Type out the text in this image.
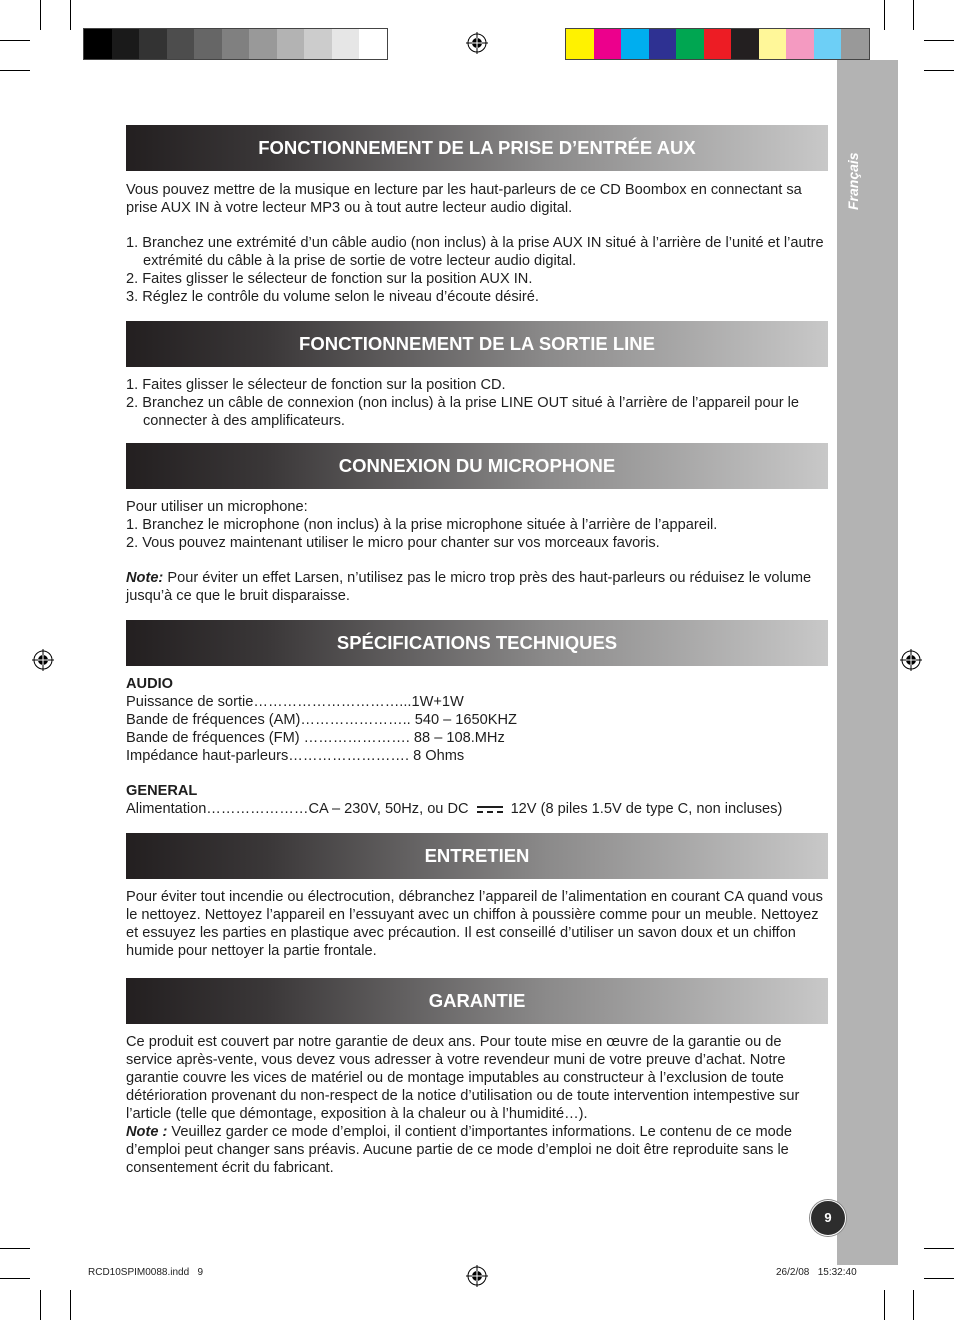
Français
9
FONCTIONNEMENT DE LA PRISE D’ENTRÉE AUX

Vous pouvez mettre de la musique en lecture par les haut-parleurs de ce CD Boombox en connectant sa prise AUX IN à votre lecteur MP3 ou à tout autre lecteur audio digital.

1. Branchez une extrémité d’un câble audio (non inclus) à la prise AUX IN situé à l’arrière de l’unité et l’autre extrémité du câble à la prise de sortie de votre lecteur audio digital.

2. Faites glisser le sélecteur de fonction sur la position AUX IN.

3. Réglez le contrôle du volume selon le niveau d’écoute désiré.

FONCTIONNEMENT DE LA SORTIE LINE

1. Faites glisser le sélecteur de fonction sur la position CD.

2. Branchez un câble de connexion (non inclus) à la prise LINE OUT situé à l’arrière de l’appareil pour le connecter à des amplificateurs.

CONNEXION DU MICROPHONE

Pour utiliser un microphone:

1. Branchez le microphone (non inclus) à la prise microphone située à l’arrière de l’appareil.

2. Vous pouvez maintenant utiliser le micro pour chanter sur vos morceaux favoris.

Note: Pour éviter un effet Larsen, n’utilisez pas le micro trop près des haut-parleurs ou réduisez le volume jusqu’à ce que le bruit disparaisse.

SPÉCIFICATIONS TECHNIQUES

AUDIO

Puissance de sortie…………………………...1W+1W

Bande de fréquences (AM)………………….. 540 – 1650KHZ

Bande de fréquences (FM) …………………. 88 – 108.MHz

Impédance haut-parleurs……………………. 8 Ohms

GENERAL

Alimentation…………………CA – 230V, 50Hz, ou DC	12V (8 piles 1.5V de type C, non incluses)

ENTRETIEN

Pour éviter tout incendie ou électrocution, débranchez l’appareil de l’alimentation en courant CA quand vous le nettoyez. Nettoyez l’appareil en l’essuyant avec un chiffon à poussière comme pour un meuble. Nettoyez et essuyez les parties en plastique avec précaution. Il est conseillé d’utiliser un savon doux et un chiffon humide pour nettoyer la partie frontale.

GARANTIE

Ce produit est couvert par notre garantie de deux ans. Pour toute mise en œuvre de la garantie ou de service après-vente, vous devez vous adresser à votre revendeur muni de votre preuve d’achat. Notre garantie couvre les vices de matériel ou de montage imputables au constructeur à l’exclusion de toute détérioration provenant du non-respect de la notice d’utilisation ou de toute intervention intempestive sur l’article (telle que démontage, exposition à la chaleur ou à l’humidité…).

Note : Veuillez garder ce mode d’emploi, il contient d’importantes informations. Le contenu de ce mode d’emploi peut changer sans préavis. Aucune partie de ce mode d’emploi ne doit être reproduite sans le consentement écrit du fabricant.

RCD10SPIM0088.indd   9	26/2/08   15:32:40
